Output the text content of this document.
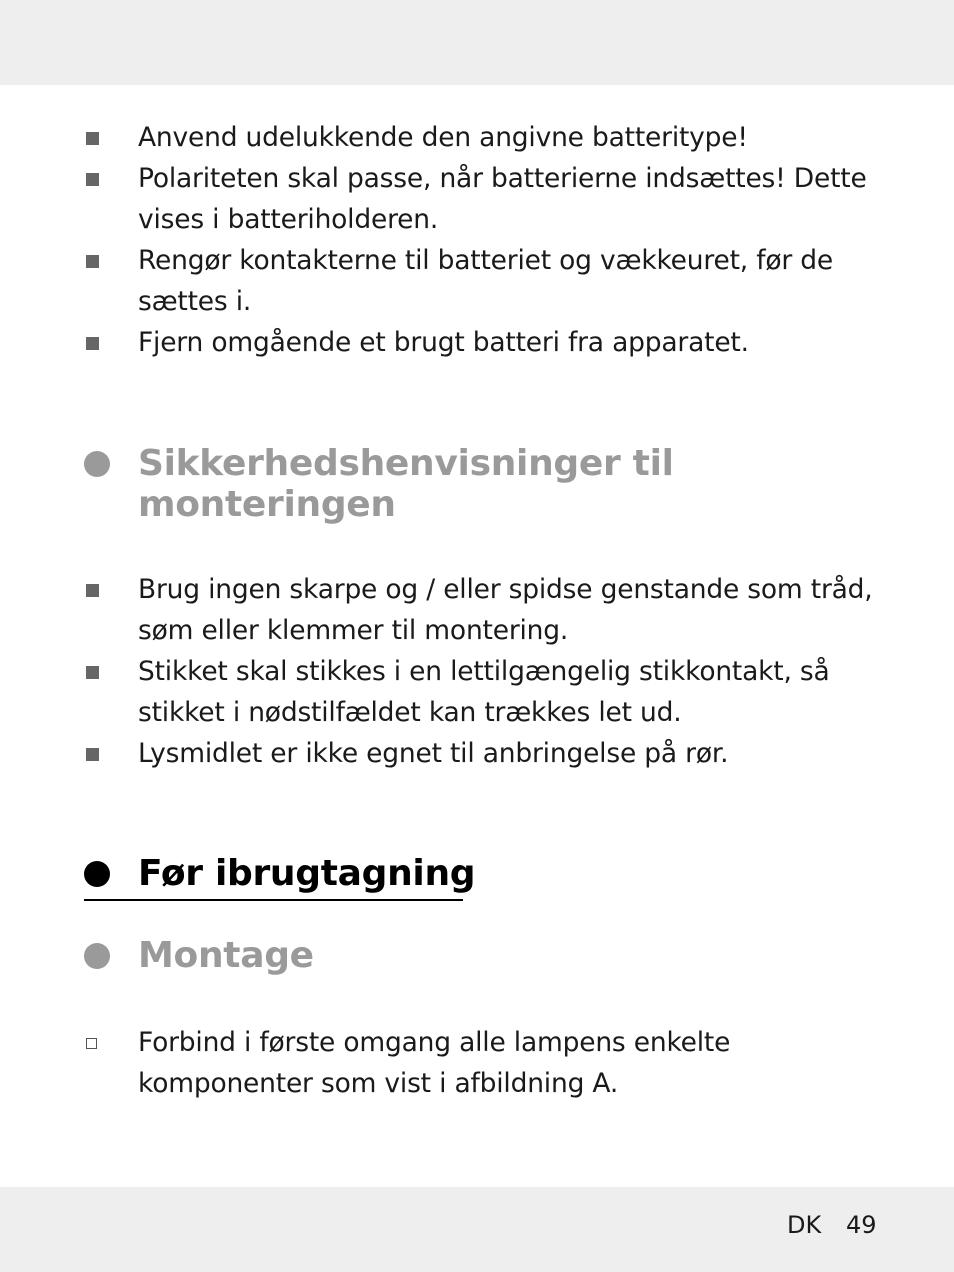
Anvend udelukkende den angivne batteritype!
Polariteten skal passe, når batterierne indsættes! Dette vises i batteriholderen.
Rengør kontakterne til batteriet og vækkeuret, før de sættes i.
Fjern omgående et brugt batteri fra apparatet.
Sikkerhedshenvisninger til
monteringen
Brug ingen skarpe og / eller spidse genstande som tråd, søm eller klemmer til montering.
Stikket skal stikkes i en lettilgængelig stikkontakt, så stikket i nødstilfældet kan trækkes let ud.
Lysmidlet er ikke egnet til anbringelse på rør.
Før ibrugtagning
Montage
Forbind i første omgang alle lampens enkelte komponenter som vist i afbildning A.
DK 49
